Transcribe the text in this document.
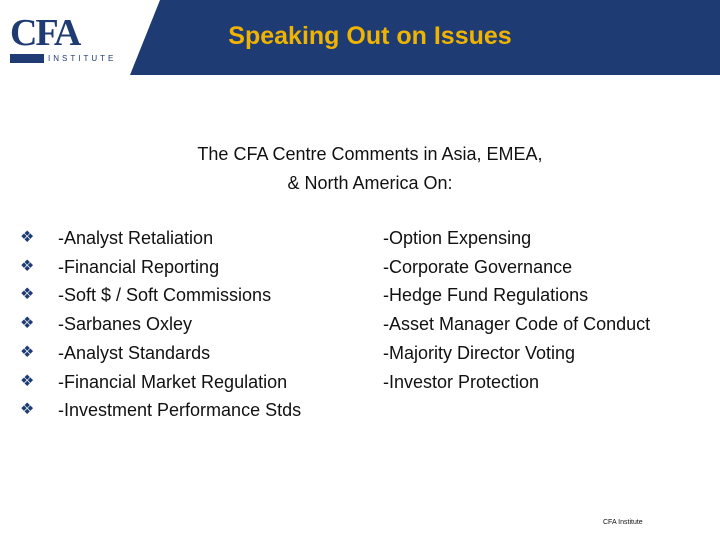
CFA
INSTITUTE
Speaking Out on Issues
The CFA Centre Comments in Asia, EMEA,
& North America On:
❖ -Analyst Retaliation
❖ -Financial Reporting
❖ -Soft $ / Soft Commissions
❖ -Sarbanes Oxley
❖ -Analyst Standards
❖ -Financial Market Regulation
❖ -Investment Performance Stds
-Option Expensing
-Corporate Governance
-Hedge Fund Regulations
-Asset Manager Code of Conduct
-Majority Director Voting
-Investor Protection
CFA Institute
